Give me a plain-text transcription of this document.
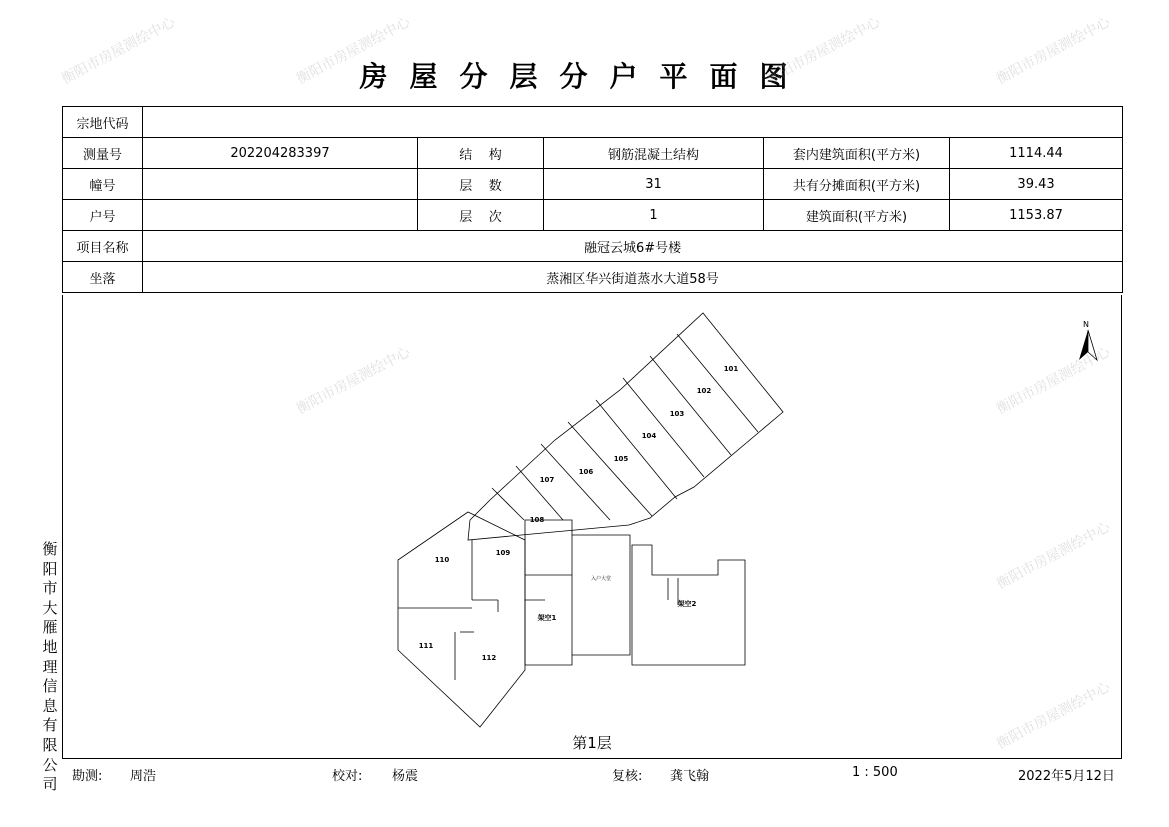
房屋分层分户平面图
宗地代码					
测量号	202204283397	结    构	钢筋混凝土结构	套内建筑面积(平方米)	1114.44
幢号		层    数	31	共有分摊面积(平方米)	39.43
户号		层    次	1	建筑面积(平方米)	1153.87
项目名称	融冠云城6#号楼				
坐落	蒸湘区华兴街道蒸水大道58号				
101
102
103
104
105
106
107
108
109
110
111
112
架空1
架空2
入户大堂
N
第1层
衡阳市大雁地理信息有限公司 勘测: 周浩	校对: 杨震	复核: 龚飞翰	1 : 500	2022年5月12日
衡阳市房屋测绘中心	衡阳市房屋测绘中心	衡阳市房屋测绘中心	衡阳市房屋测绘中心
衡阳市房屋测绘中心	衡阳市房屋测绘中心
衡阳市房屋测绘中心
衡阳市房屋测绘中心
